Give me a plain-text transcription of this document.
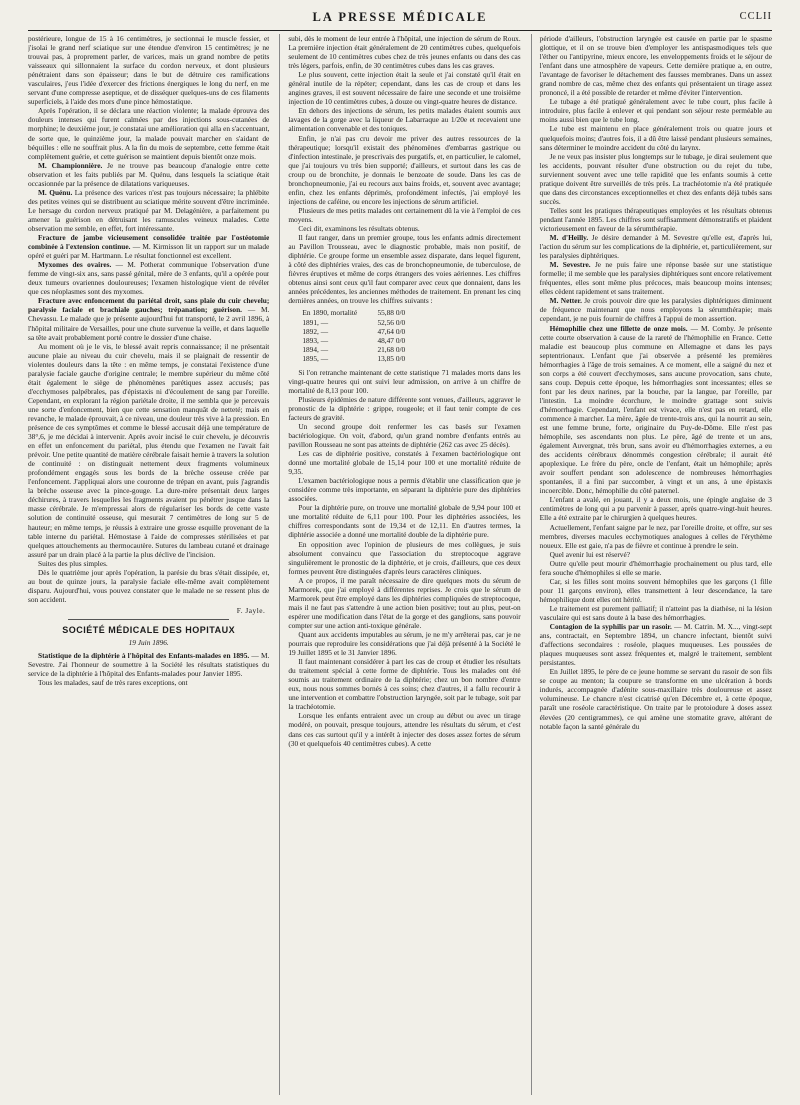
LA PRESSE MÉDICALE	CCLII

postérieure, longue de 15 à 16 centimètres, je sectionnai le muscle fessier, et j'isolai le grand nerf sciatique sur une étendue d'environ 15 centimètres; je ne trouvai pas, à proprement parler, de varices, mais un grand nombre de petits vaisseaux qui sillonnaient la surface du cordon nerveux, et dont plusieurs pénétraient dans son épaisseur; dans le but de détruire ces ramifications vasculaires, j'eus l'idée d'exercer des frictions énergiques le long du nerf, en me servant d'une compresse aseptique, et de disséquer quelques-uns de ces filaments superficiels, à l'aide des mors d'une pince hémostatique.

Après l'opération, il se déclara une réaction violente; la malade éprouva des douleurs intenses qui furent calmées par des injections sous-cutanées de morphine; le deuxième jour, je constatai une amélioration qui alla en s'accentuant, de sorte que, le quinzième jour, la malade pouvait marcher en s'aidant de béquilles : elle ne souffrait plus. A la fin du mois de septembre, cette femme était complètement guérie, et cette guérison se maintient depuis bientôt onze mois.

M. Championnière. Je ne trouve pas beaucoup d'analogie entre cette observation et les faits publiés par M. Quénu, dans lesquels la sciatique était occasionnée par la présence de dilatations variqueuses.

M. Quénu. La présence des varices n'est pas toujours nécessaire; la phlébite des petites veines qui se distribuent au sciatique mérite souvent d'être incriminée. Le hersage du cordon nerveux pratiqué par M. Delagénière, a parfaitement pu amener la guérison en détruisant les ramuscules veineux malades. Cette observation me semble, en effet, fort intéressante.

Fracture de jambe vicieusement consolidée traitée par l'ostéotomie combinée à l'extension continue. — M. Kirmisson lit un rapport sur un malade opéré et guéri par M. Hartmann. Le résultat fonctionnel est excellent.

Myxomes des ovaires. — M. Potherat communique l'observation d'une femme de vingt-six ans, sans passé génital, mère de 3 enfants, qu'il a opérée pour deux tumeurs ovariennes douloureuses; l'examen histologique vient de révéler que ces néoplasmes sont des myxomes.

Fracture avec enfoncement du pariétal droit, sans plaie du cuir chevelu; paralysie faciale et brachiale gauches; trépanation; guérison. — M. Chevassu. Le malade que je présente aujourd'hui fut transporté, le 2 avril 1896, à l'hôpital militaire de Versailles, pour une chute survenue la veille, et dans laquelle sa tête avait probablement porté contre le dossier d'une chaise.

Au moment où je le vis, le blessé avait repris connaissance; il ne présentait aucune plaie au niveau du cuir chevelu, mais il se plaignait de ressentir de violentes douleurs dans la tête : en même temps, je constatai l'existence d'une paralysie faciale gauche d'origine centrale; le membre supérieur du même côté était également le siège de phénomènes parétiques assez accusés; pas d'ecchymoses palpébrales, pas d'épistaxis ni d'écoulement de sang par l'oreille. Cependant, en explorant la région pariétale droite, il me sembla que je percevais une sorte d'enfoncement, bien que cette sensation manquât de netteté; mais en revanche, le malade éprouvait, à ce niveau, une douleur très vive à la pression. En présence de ces symptômes et comme le blessé accusait déjà une température de 38°,6, je me décidai à intervenir. Après avoir incisé le cuir chevelu, je découvris en effet un enfoncement du pariétal, plus étendu que l'examen ne l'avait fait prévoir. Une petite quantité de matière cérébrale faisait hernie à travers la solution de continuité : on distinguait nettement deux fragments volumineux profondément engagés sous les bords de la brèche osseuse créée par l'enfoncement. J'appliquai alors une couronne de trépan en avant, puis j'agrandis la brèche osseuse avec la pince-gouge. La dure-mère présentait deux larges déchirures, à travers lesquelles les fragments avaient pu pénétrer jusque dans la masse cérébrale. Je m'empressai alors de régulariser les bords de cette vaste solution de continuité osseuse, qui mesurait 7 centimètres de long sur 5 de hauteur; en même temps, je réussis à extraire une grosse esquille provenant de la table interne du pariétal. Hémostase à l'aide de compresses stérilisées et par quelques attouchements au thermocautère. Sutures du lambeau cutané et drainage assuré par un drain placé à la partie la plus déclive de l'incision.

Suites des plus simples.

Dès le quatrième jour après l'opération, la parésie du bras s'était dissipée, et, au bout de quinze jours, la paralysie faciale elle-même avait complètement disparu. Aujourd'hui, vous pouvez constater que le malade ne se ressent plus de son accident.

F. Jayle.
SOCIÉTÉ MÉDICALE DES HOPITAUX
19 Juin 1896.

Statistique de la diphtérie à l'hôpital des Enfants-malades en 1895. — M. Sevestre. J'ai l'honneur de soumettre à la Société les résultats statistiques du service de la diphtérie à l'hôpital des Enfants-malades pour Janvier 1895.

Tous les malades, sauf de très rares exceptions, ont

subi, dès le moment de leur entrée à l'hôpital, une injection de sérum de Roux. La première injection était généralement de 20 centimètres cubes, quelquefois seulement de 10 centimètres cubes chez de très jeunes enfants ou dans des cas très légers, parfois, enfin, de 30 centimètres cubes dans les cas graves.

Le plus souvent, cette injection était la seule et j'ai constaté qu'il était en général inutile de la répéter; cependant, dans les cas de croup et dans les angines graves, il est souvent nécessaire de faire une seconde et une troisième injection de 10 centimètres cubes, à douze ou vingt-quatre heures de distance.

En dehors des injections de sérum, les petits malades étaient soumis aux lavages de la gorge avec la liqueur de Labarraque au 1/20e et recevaient une alimentation convenable et des toniques.

Enfin, je n'ai pas cru devoir me priver des autres ressources de la thérapeutique; lorsqu'il existait des phénomènes d'embarras gastrique ou d'infection intestinale, je prescrivais des purgatifs, et, en particulier, le calomel, que j'ai toujours vu très bien supporté; d'ailleurs, et surtout dans les cas de croup ou de bronchite, je donnais le benzoate de soude. Dans les cas de bronchopneumonie, j'ai eu recours aux bains froids, et, souvent avec avantage; enfin, chez les enfants déprimés, profondément infectés, j'ai employé les injections de caféine, ou encore les injections de sérum artificiel.

Plusieurs de mes petits malades ont certainement dû la vie à l'emploi de ces moyens.

Ceci dit, examinons les résultats obtenus.

Il faut ranger, dans un premier groupe, tous les enfants admis directement au Pavillon Trousseau, avec le diagnostic probable, mais non positif, de diphtérie. Ce groupe forme un ensemble assez disparate, dans lequel figurent, à côté des diphtéries vraies, des cas de bronchopneumonie, de tuberculose, de fièvres éruptives et même de corps étrangers des voies aériennes. Les chiffres obtenus ainsi sont ceux qu'il faut comparer avec ceux que donnaient, dans les années précédentes, les anciennes méthodes de traitement. En prenant les cinq dernières années, on trouve les chiffres suivants :

En 1890, mortalité	55,88 0/0
1891, —	52,56 0/0
1892, —	47,64 0/0
1893, —	48,47 0/0
1894, —	21,68 0/0
1895, —	13,85 0/0

Si l'on retranche maintenant de cette statistique 71 malades morts dans les vingt-quatre heures qui ont suivi leur admission, on arrive à un chiffre de mortalité de 8,13 pour 100.

Plusieurs épidémies de nature différente sont venues, d'ailleurs, aggraver le pronostic de la diphtérie : grippe, rougeole; et il faut tenir compte de ces facteurs de gravité.

Un second groupe doit renfermer les cas basés sur l'examen bactériologique. On voit, d'abord, qu'un grand nombre d'enfants entrés au pavillon Rousseau ne sont pas atteints de diphtérie (262 cas avec 25 décès).

Les cas de diphtérie positive, constatés à l'examen bactériologique ont donné une mortalité globale de 15,14 pour 100 et une mortalité réduite de 9,35.

L'examen bactériologique nous a permis d'établir une classification que je considère comme très importante, en séparant la diphtérie pure des diphtéries associées.

Pour la diphtérie pure, on trouve une mortalité globale de 9,94 pour 100 et une mortalité réduite de 6,11 pour 100. Pour les diphtéries associées, les chiffres correspondants sont de 19,34 et de 12,11. En d'autres termes, la diphtérie associée a donné une mortalité double de la diphtérie pure.

En opposition avec l'opinion de plusieurs de mes collègues, je suis absolument convaincu que l'association du streptocoque aggrave singulièrement le pronostic de la diphtérie, et je crois, d'ailleurs, que ces deux formes peuvent être distinguées d'après leurs caractères cliniques.

A ce propos, il me paraît nécessaire de dire quelques mots du sérum de Marmorek, que j'ai employé à différentes reprises. Je crois que le sérum de Marmorek peut être employé dans les diphtéries compliquées de streptocoque, mais il ne faut pas s'attendre à une action bien positive; tout au plus, peut-on espérer une modification dans l'état de la gorge et des ganglions, sans pouvoir compter sur une action anti-toxique générale.

Quant aux accidents imputables au sérum, je ne m'y arrêterai pas, car je ne pourrais que reproduire les considérations que j'ai déjà présenté à la Société le 19 Juillet 1895 et le 31 Janvier 1896.

Il faut maintenant considérer à part les cas de croup et étudier les résultats du traitement spécial à cette forme de diphtérie. Tous les malades ont été soumis au traitement ordinaire de la diphtérie; chez un bon nombre d'entre eux, nous nous sommes bornés à ces soins; chez d'autres, il a fallu recourir à une intervention et combattre l'obstruction laryngée, soit par le tubage, soit par la trachéotomie.

Lorsque les enfants entraient avec un croup au début ou avec un tirage modéré, on pouvait, presque toujours, attendre les résultats du sérum, et c'est dans ces cas surtout qu'il y a intérêt à injecter des doses assez fortes de sérum (30 et quelquefois 40 centimètres cubes). A cette

période d'ailleurs, l'obstruction laryngée est causée en partie par le spasme glottique, et il on se trouve bien d'employer les antispasmodiques tels que l'éther ou l'antipyrine, mieux encore, les enveloppements froids et le séjour de l'enfant dans une atmosphère de vapeurs. Cette dernière pratique a, en outre, l'avantage de favoriser le détachement des fausses membranes. Dans un assez grand nombre de cas, même chez des enfants qui présentaient un tirage assez prononcé, il a été possible de retarder et même d'éviter l'intervention.

Le tubage a été pratiqué généralement avec le tube court, plus facile à introduire, plus facile à enlever et qui pendant son séjour reste perméable au moins aussi bien que le tube long.

Le tube est maintenu en place généralement trois ou quatre jours et quelquefois moins; d'autres fois, il a dû être laissé pendant plusieurs semaines, sans déterminer le moindre accident du côté du larynx.

Je ne veux pas insister plus longtemps sur le tubage, je dirai seulement que les accidents, pouvant résulter d'une obstruction ou du rejet du tube, surviennent souvent avec une telle rapidité que les enfants soumis à cette pratique doivent être surveillés de très près. La trachéotomie n'a été pratiquée que dans des circonstances exceptionnelles et chez des enfants déjà tubés sans succès.

Telles sont les pratiques thérapeutiques employées et les résultats obtenus pendant l'année 1895. Les chiffres sont suffisamment démonstratifs et plaident victorieusement en faveur de la sérumthérapie.

M. d'Heilly. Je désire demander à M. Sevestre qu'elle est, d'après lui, l'action du sérum sur les complications de la diphtérie, et, particulièrement, sur les paralysies diphtériques.

M. Sevestre. Je ne puis faire une réponse basée sur une statistique formelle; il me semble que les paralysies diphtériques sont encore relativement fréquentes, elles sont même plus précoces, mais beaucoup moins intenses; elles cèdent rapidement et sans traitement.

M. Netter. Je crois pouvoir dire que les paralysies diphtériques diminuent de fréquence maintenant que nous employons la sérumthérapie; mais cependant, je ne puis fournir de chiffres à l'appui de mon assertion.

Hémophilie chez une fillette de onze mois. — M. Comby. Je présente cette courte observation à cause de la rareté de l'hémophilie en France. Cette maladie est beaucoup plus commune en Allemagne et dans les pays septentrionaux. L'enfant que j'ai observée a présenté les premières hémorrhagies à l'âge de trois semaines. A ce moment, elle a saigné du nez et son corps a été couvert d'ecchymoses, sans aucune provocation, sans chute, sans coup. Depuis cette époque, les hémorrhagies sont incessantes; elles se font par les deux narines, par la bouche, par la langue, par l'oreille, par l'intestin. La moindre écorchure, le moindre grattage sont suivis d'hémorrhagie. Cependant, l'enfant est vivace, elle n'est pas en retard, elle commence à marcher. La mère, âgée de trente-trois ans, qui la nourrit au sein, est une femme brune, forte, originaire du Puy-de-Dôme. Elle n'est pas hémophile, ses ascendants non plus. Le père, âgé de trente et un ans, également Auvergnat, très brun, sans avoir eu d'hémorrhagies externes, a eu des accidents cérébraux dénommés congestion cérébrale; il aurait été apoplexique. Le frère du père, oncle de l'enfant, était un hémophile; après avoir souffert pendant son adolescence de nombreuses hémorrhagies spontanées, il a fini par succomber, à vingt et un ans, à une épistaxis incoercible. Donc, hémophilie du côté paternel.

L'enfant a avalé, en jouant, il y a deux mois, une épingle anglaise de 3 centimètres de long qui a pu parvenir à passer, après quatre-vingt-huit heures. Elle a été extraite par le chirurgien à quelques heures.

Actuellement, l'enfant saigne par le nez, par l'oreille droite, et offre, sur ses membres, diverses macules ecchymotiques analogues à celles de l'érythème noueux. Elle est gaie, n'a pas de fièvre et continue à prendre le sein.

Quel avenir lui est réservé?

Outre qu'elle peut mourir d'hémorrhagie prochainement ou plus tard, elle fera souche d'hémophiles si elle se marie.

Car, si les filles sont moins souvent hémophiles que les garçons (1 fille pour 11 garçons environ), elles transmettent à leur descendance, la tare hémophilique dont elles ont hérité.

Le traitement est purement palliatif; il n'atteint pas la diathèse, ni la lésion vasculaire qui est sans doute à la base des hémorrhagies.

Contagion de la syphilis par un rasoir. — M. Catrin. M. X..., vingt-sept ans, contractait, en Septembre 1894, un chancre infectant, bientôt suivi d'affections secondaires : roséole, plaques muqueuses. Les poussées de plaques muqueuses sont assez fréquentes et, malgré le traitement, semblent persistantes.

En Juillet 1895, le père de ce jeune homme se servant du rasoir de son fils se coupe au menton; la coupure se transforme en une ulcération à bords indurés, accompagnée d'adénite sous-maxillaire très douloureuse et assez volumineuse. Le chancre n'est cicatrisé qu'en Décembre et, à cette époque, paraît une roséole caractéristique. On traite par le protoiodure à doses assez élevées (20 centigrammes), ce qui amène une stomatite grave, altérant de notable façon la santé générale du
